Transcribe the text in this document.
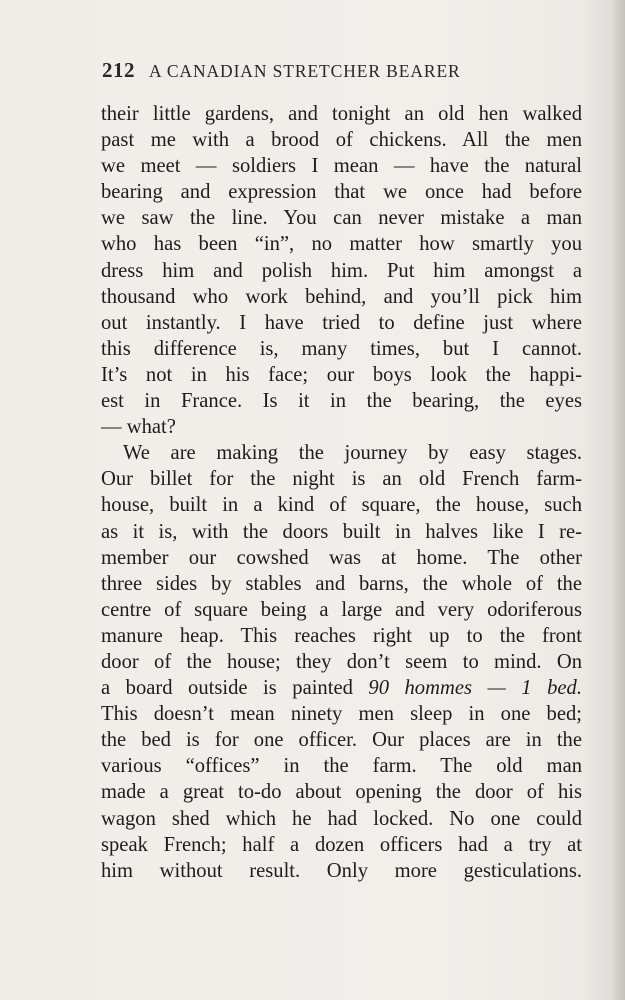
212 A CANADIAN STRETCHER BEARER
their little gardens, and tonight an old hen walked
past me with a brood of chickens. All the men
we meet — soldiers I mean — have the natural
bearing and expression that we once had before
we saw the line. You can never mistake a man
who has been “in”, no matter how smartly you
dress him and polish him. Put him amongst a
thousand who work behind, and you’ll pick him
out instantly. I have tried to define just where
this difference is, many times, but I cannot.
It’s not in his face; our boys look the happi-
est in France. Is it in the bearing, the eyes
— what?
We are making the journey by easy stages.
Our billet for the night is an old French farm-
house, built in a kind of square, the house, such
as it is, with the doors built in halves like I re-
member our cowshed was at home. The other
three sides by stables and barns, the whole of the
centre of square being a large and very odoriferous
manure heap. This reaches right up to the front
door of the house; they don’t seem to mind. On
a board outside is painted 90 hommes — 1 bed.
This doesn’t mean ninety men sleep in one bed;
the bed is for one officer. Our places are in the
various “offices” in the farm. The old man
made a great to-do about opening the door of his
wagon shed which he had locked. No one could
speak French; half a dozen officers had a try at
him without result. Only more gesticulations.
